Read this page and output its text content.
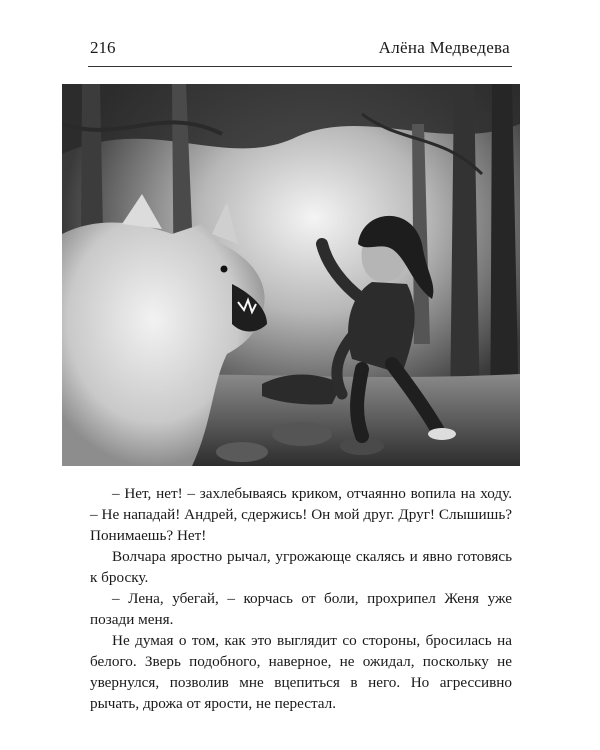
216	Алёна Медведева

– Нет, нет! – захлебываясь криком, отчаянно вопила на ходу. – Не нападай! Андрей, сдержись! Он мой друг. Друг! Слышишь? Понимаешь? Нет!

Волчара яростно рычал, угрожающе скалясь и явно готовясь к броску.

– Лена, убегай, – корчась от боли, прохрипел Женя уже позади меня.

Не думая о том, как это выглядит со стороны, бросилась на белого. Зверь подобного, наверное, не ожидал, поскольку не увернулся, позволив мне вцепиться в него. Но агрессивно рычать, дрожа от ярости, не перестал.
